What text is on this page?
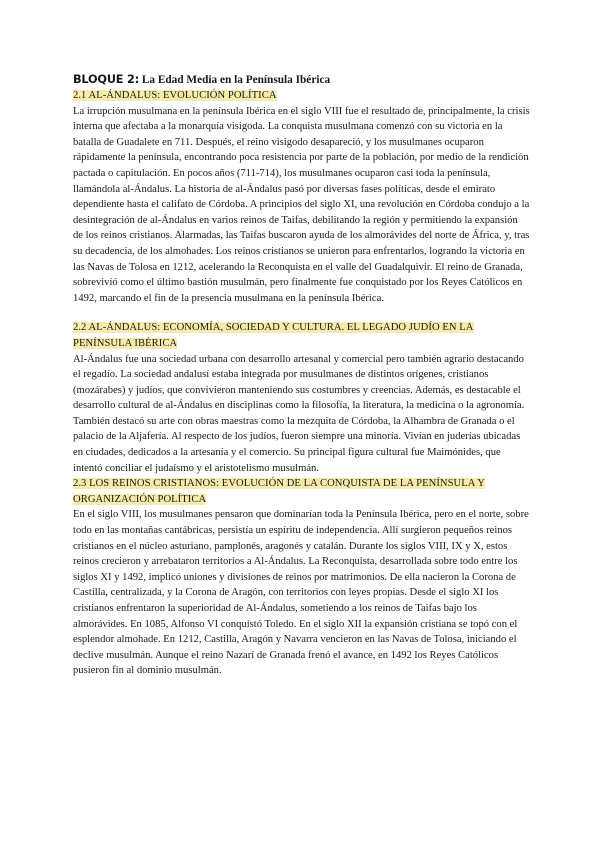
BLOQUE 2: La Edad Media en la Península Ibérica

2.1 AL-ÁNDALUS: EVOLUCIÓN POLÍTICA

La irrupción musulmana en la península Ibérica en el siglo VIII fue el resultado de, principalmente, la crisis interna que afectaba a la monarquía visigoda. La conquista musulmana comenzó con su victoria en la batalla de Guadalete en 711. Después, el reino visigodo desapareció, y los musulmanes ocuparon rápidamente la península, encontrando poca resistencia por parte de la población, por medio de la rendición pactada o capitulación. En pocos años (711-714), los musulmanes ocuparon casi toda la península, llamándola al-Ándalus. La historia de al-Ándalus pasó por diversas fases políticas, desde el emirato dependiente hasta el califato de Córdoba. A principios del siglo XI, una revolución en Córdoba condujo a la desintegración de al-Ándalus en varios reinos de Taifas, debilitando la región y permitiendo la expansión de los reinos cristianos. Alarmadas, las Taifas buscaron ayuda de los almorávides del norte de África, y, tras su decadencia, de los almohades. Los reinos cristianos se unieron para enfrentarlos, logrando la victoria en las Navas de Tolosa en 1212, acelerando la Reconquista en el valle del Guadalquivir. El reino de Granada, sobrevivió como el último bastión musulmán, pero finalmente fue conquistado por los Reyes Católicos en 1492, marcando el fin de la presencia musulmana en la península Ibérica.

2.2 AL-ÁNDALUS: ECONOMÍA, SOCIEDAD Y CULTURA. EL LEGADO JUDÍO EN LA PENÍNSULA IBÉRICA

Al-Ándalus fue una sociedad urbana con desarrollo artesanal y comercial pero también agrario destacando el regadío. La sociedad andalusí estaba integrada por musulmanes de distintos orígenes, cristianos (mozárabes) y judíos, que convivieron manteniendo sus costumbres y creencias. Además, es destacable el desarrollo cultural de al-Ándalus en disciplinas como la filosofía, la literatura, la medicina o la agronomía. También destacó su arte con obras maestras como la mezquita de Córdoba, la Alhambra de Granada o el palacio de la Aljafería. Al respecto de los judíos, fueron siempre una minoría. Vivían en juderías ubicadas en ciudades, dedicados a la artesanía y el comercio. Su principal figura cultural fue Maimónides, que intentó conciliar el judaísmo y el aristotelismo musulmán.

2.3 LOS REINOS CRISTIANOS: EVOLUCIÓN DE LA CONQUISTA DE LA PENÍNSULA Y ORGANIZACIÓN POLÍTICA

En el siglo VIII, los musulmanes pensaron que dominarían toda la Península Ibérica, pero en el norte, sobre todo en las montañas cantábricas, persistía un espíritu de independencia. Allí surgieron pequeños reinos cristianos en el núcleo asturiano, pamplonés, aragonés y catalán. Durante los siglos VIII, IX y X, estos reinos crecieron y arrebataron territorios a Al-Ándalus. La Reconquista, desarrollada sobre todo entre los siglos XI y 1492, implicó uniones y divisiones de reinos por matrimonios. De ella nacieron la Corona de Castilla, centralizada, y la Corona de Aragón, con territorios con leyes propias. Desde el siglo XI los cristianos enfrentaron la superioridad de Al-Ándalus, sometiendo a los reinos de Taifas bajo los almorávides. En 1085, Alfonso VI conquistó Toledo. En el siglo XII la expansión cristiana se topó con el esplendor almohade. En 1212, Castilla, Aragón y Navarra vencieron en las Navas de Tolosa, iniciando el declive musulmán. Aunque el reino Nazarí de Granada frenó el avance, en 1492 los Reyes Católicos pusieron fin al dominio musulmán.
